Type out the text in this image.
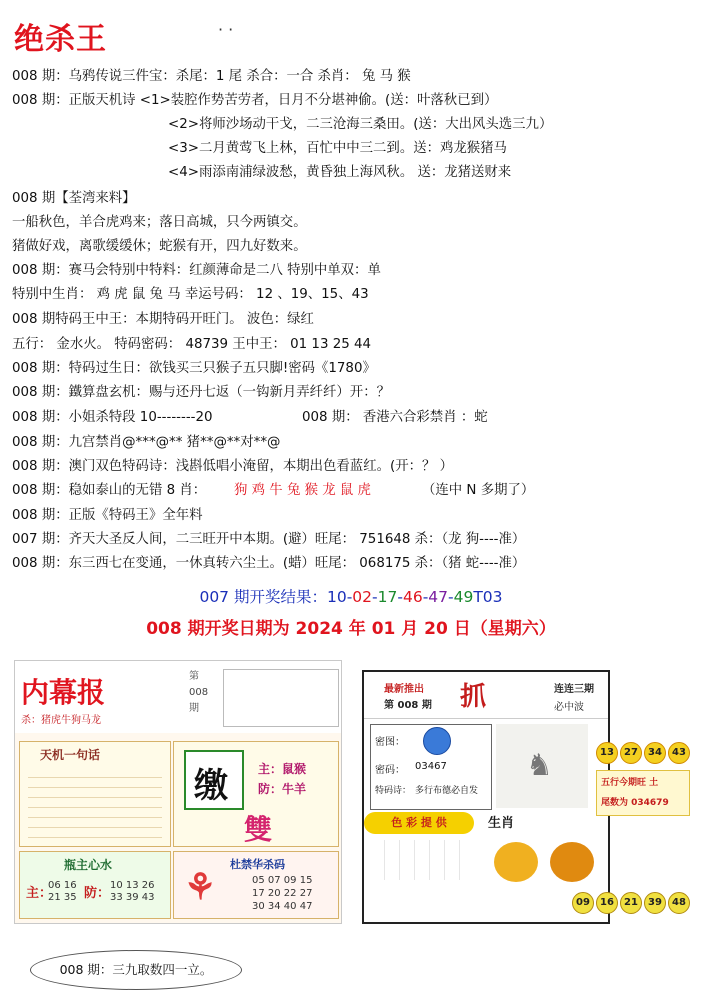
绝杀王	· ·
008 期：乌鸦传说三件宝：杀尾：1 尾 杀合：一合 杀肖： 兔 马 猴
008 期：正版天机诗 <1>装腔作势苦劳者，日月不分堪神偷。(送：叶落秋已到）
<2>将师沙场动干戈，二三沧海三桑田。(送：大出风头选三九）
<3>二月黄莺飞上林，百忙中中三二到。送：鸡龙猴猪马
<4>雨添南浦绿波愁，黄昏独上海风秋。 送：龙猪送财来
008 期【荃湾来料】
一船秋色，羊合虎鸡来；落日高城，只今两镇交。
猪做好戏，离歌缓缓休；蛇猴有开，四九好数来。
008 期：赛马会特别中特料：红颜薄命是二八 特别中单双：单
特别中生肖： 鸡 虎 鼠 兔 马 幸运号码： 12 、19、15、43
008 期特码王中王：本期特码开旺门。 波色：绿红
五行： 金水火。 特码密码： 48739 王中王： 01 13 25 44
008 期：特码过生日：欲钱买三只猴子五只脚!密码《1780》
008 期：鐵算盘玄机：赐与还丹七返（一钩新月弄纤纤）开：？
008 期：小姐杀特段 10--------20	008 期： 香港六合彩禁肖 ：蛇
008 期：九宫禁肖@***@** 猪**@**对**@
008 期：澳门双色特码诗：浅斟低唱小淹留，本期出色看蓝红。(开：？ ）
008 期：稳如泰山的无错 8 肖： 狗 鸡 牛 兔 猴 龙 鼠 虎	（连中 N 多期了）
008 期：正版《特码王》全年料
007 期：齐天大圣反人间，二三旺开中本期。(避）旺尾： 751648 杀：（龙 狗----准）
008 期：东三西七在变通，一休真转六尘土。(蜡）旺尾： 068175 杀：（猪 蛇----准）
007 期开奖结果：10-02-17-46-47-49T03
008 期开奖日期为 2024 年 01 月 20 日（星期六）
内幕报
杀：猪虎牛狗马龙
第 008 期
天机一句话
缴	主：鼠猴
防：牛羊
雙
瓶主心水
主：
06 16 21 35 防：
10 13 26 33 39 43
杜禁华杀码
05 07 09 15
17 20 22 27
30 34 40 47
⚘
最新推出
第 008 期 抓	连连三期
必中波
密图：
密码： 03467
特码诗： 多行布德必自发
♞
色 彩 提 供	生肖
13	27	34	43
五行今期旺 土
尾数为 034679
09	16	21	39	48
008 期：三九取数四一立。
